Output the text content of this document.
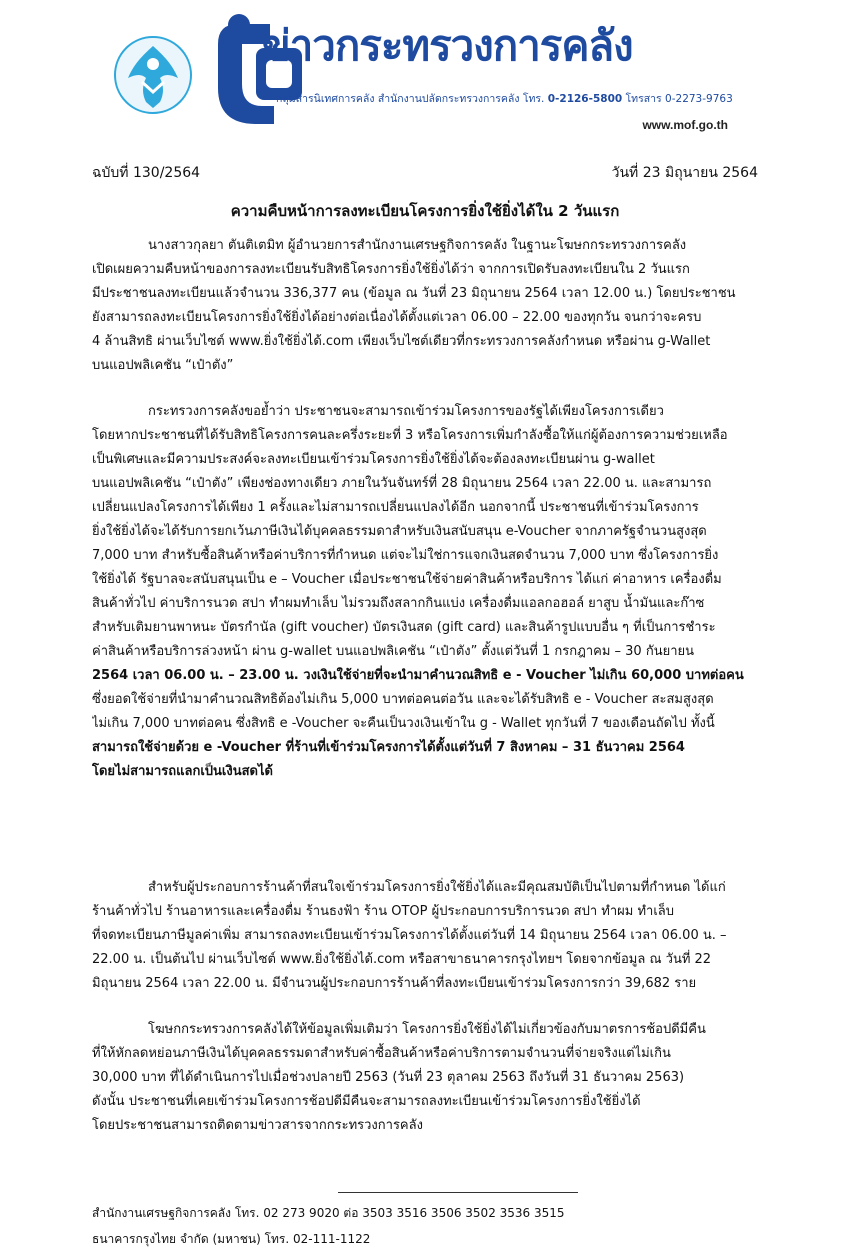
ข่าวกระทรวงการคลัง
กลุ่มสารนิเทศการคลัง สำนักงานปลัดกระทรวงการคลัง โทร. 0-2126-5800 โทรสาร 0-2273-9763
www.mof.go.th
ฉบับที่ 130/2564	วันที่ 23 มิถุนายน 2564
ความคืบหน้าการลงทะเบียนโครงการยิ่งใช้ยิ่งได้ใน 2 วันแรก
นางสาวกุลยา ตันติเตมิท ผู้อำนวยการสำนักงานเศรษฐกิจการคลัง ในฐานะโฆษกกระทรวงการคลัง
เปิดเผยความคืบหน้าของการลงทะเบียนรับสิทธิโครงการยิ่งใช้ยิ่งได้ว่า จากการเปิดรับลงทะเบียนใน 2 วันแรก
มีประชาชนลงทะเบียนแล้วจำนวน 336,377 คน (ข้อมูล ณ วันที่ 23 มิถุนายน 2564 เวลา 12.00 น.) โดยประชาชน
ยังสามารถลงทะเบียนโครงการยิ่งใช้ยิ่งได้อย่างต่อเนื่องได้ตั้งแต่เวลา 06.00 – 22.00 ของทุกวัน จนกว่าจะครบ
4 ล้านสิทธิ ผ่านเว็บไซต์ www.ยิ่งใช้ยิ่งได้.com เพียงเว็บไซต์เดียวที่กระทรวงการคลังกำหนด หรือผ่าน g-Wallet
บนแอปพลิเคชัน “เป๋าตัง”
กระทรวงการคลังขอย้ำว่า ประชาชนจะสามารถเข้าร่วมโครงการของรัฐได้เพียงโครงการเดียว
โดยหากประชาชนที่ได้รับสิทธิโครงการคนละครึ่งระยะที่ 3 หรือโครงการเพิ่มกำลังซื้อให้แก่ผู้ต้องการความช่วยเหลือ
เป็นพิเศษและมีความประสงค์จะลงทะเบียนเข้าร่วมโครงการยิ่งใช้ยิ่งได้จะต้องลงทะเบียนผ่าน g-wallet
บนแอปพลิเคชัน “เป๋าตัง” เพียงช่องทางเดียว ภายในวันจันทร์ที่ 28 มิถุนายน 2564 เวลา 22.00 น. และสามารถ
เปลี่ยนแปลงโครงการได้เพียง 1 ครั้งและไม่สามารถเปลี่ยนแปลงได้อีก นอกจากนี้ ประชาชนที่เข้าร่วมโครงการ
ยิ่งใช้ยิ่งได้จะได้รับการยกเว้นภาษีเงินได้บุคคลธรรมดาสำหรับเงินสนับสนุน e-Voucher จากภาครัฐจำนวนสูงสุด
7,000 บาท สำหรับซื้อสินค้าหรือค่าบริการที่กำหนด แต่จะไม่ใช่การแจกเงินสดจำนวน 7,000 บาท ซึ่งโครงการยิ่ง
ใช้ยิ่งได้ รัฐบาลจะสนับสนุนเป็น e – Voucher เมื่อประชาชนใช้จ่ายค่าสินค้าหรือบริการ ได้แก่ ค่าอาหาร เครื่องดื่ม
สินค้าทั่วไป ค่าบริการนวด สปา ทำผมทำเล็บ ไม่รวมถึงสลากกินแบ่ง เครื่องดื่มแอลกอฮอล์ ยาสูบ น้ำมันและก๊าซ
สำหรับเติมยานพาหนะ บัตรกำนัล (gift voucher) บัตรเงินสด (gift card) และสินค้ารูปแบบอื่น ๆ ที่เป็นการชำระ
ค่าสินค้าหรือบริการล่วงหน้า ผ่าน g-wallet บนแอปพลิเคชัน “เป๋าตัง” ตั้งแต่วันที่ 1 กรกฎาคม – 30 กันยายน
2564 เวลา 06.00 น. – 23.00 น. วงเงินใช้จ่ายที่จะนำมาคำนวณสิทธิ e - Voucher ไม่เกิน 60,000 บาทต่อคน
ซึ่งยอดใช้จ่ายที่นำมาคำนวณสิทธิต้องไม่เกิน 5,000 บาทต่อคนต่อวัน และจะได้รับสิทธิ e - Voucher สะสมสูงสุด
ไม่เกิน 7,000 บาทต่อคน ซึ่งสิทธิ e -Voucher จะคืนเป็นวงเงินเข้าใน g - Wallet ทุกวันที่ 7 ของเดือนถัดไป ทั้งนี้
สามารถใช้จ่ายด้วย e -Voucher ที่ร้านที่เข้าร่วมโครงการได้ตั้งแต่วันที่ 7 สิงหาคม – 31 ธันวาคม 2564
โดยไม่สามารถแลกเป็นเงินสดได้
สำหรับผู้ประกอบการร้านค้าที่สนใจเข้าร่วมโครงการยิ่งใช้ยิ่งได้และมีคุณสมบัติเป็นไปตามที่กำหนด ได้แก่
ร้านค้าทั่วไป ร้านอาหารและเครื่องดื่ม ร้านธงฟ้า ร้าน OTOP ผู้ประกอบการบริการนวด สปา ทำผม ทำเล็บ
ที่จดทะเบียนภาษีมูลค่าเพิ่ม สามารถลงทะเบียนเข้าร่วมโครงการได้ตั้งแต่วันที่ 14 มิถุนายน 2564 เวลา 06.00 น. –
22.00 น. เป็นต้นไป ผ่านเว็บไซต์ www.ยิ่งใช้ยิ่งได้.com หรือสาขาธนาคารกรุงไทยฯ โดยจากข้อมูล ณ วันที่ 22
มิถุนายน 2564 เวลา 22.00 น. มีจำนวนผู้ประกอบการร้านค้าที่ลงทะเบียนเข้าร่วมโครงการกว่า 39,682 ราย
โฆษกกระทรวงการคลังได้ให้ข้อมูลเพิ่มเติมว่า โครงการยิ่งใช้ยิ่งได้ไม่เกี่ยวข้องกับมาตรการช้อปดีมีคืน
ที่ให้หักลดหย่อนภาษีเงินได้บุคคลธรรมดาสำหรับค่าซื้อสินค้าหรือค่าบริการตามจำนวนที่จ่ายจริงแต่ไม่เกิน
30,000 บาท ที่ได้ดำเนินการไปเมื่อช่วงปลายปี 2563 (วันที่ 23 ตุลาคม 2563 ถึงวันที่ 31 ธันวาคม 2563)
ดังนั้น ประชาชนที่เคยเข้าร่วมโครงการช้อปดีมีคืนจะสามารถลงทะเบียนเข้าร่วมโครงการยิ่งใช้ยิ่งได้
โดยประชาชนสามารถติดตามข่าวสารจากกระทรวงการคลัง
สำนักงานเศรษฐกิจการคลัง โทร. 02 273 9020 ต่อ 3503 3516 3506 3502 3536 3515
ธนาคารกรุงไทย จำกัด (มหาชน) โทร. 02-111-1122
